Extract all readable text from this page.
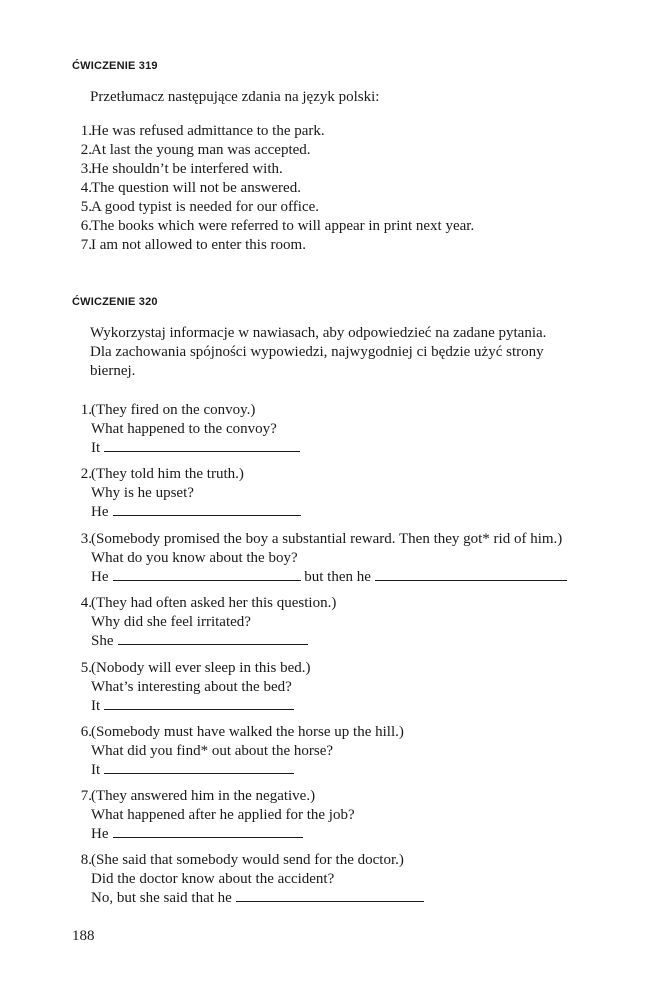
ĆWICZENIE 319
Przetłumacz następujące zdania na język polski:
1. He was refused admittance to the park.
2. At last the young man was accepted.
3. He shouldn’t be interfered with.
4. The question will not be answered.
5. A good typist is needed for our office.
6. The books which were referred to will appear in print next year.
7. I am not allowed to enter this room.
ĆWICZENIE 320
Wykorzystaj informacje w nawiasach, aby odpowiedzieć na zadane pytania.
Dla zachowania spójności wypowiedzi, najwygodniej ci będzie użyć strony
biernej.
1. (They fired on the convoy.)
What happened to the convoy?
It
2. (They told him the truth.)
Why is he upset?
He
3. (Somebody promised the boy a substantial reward. Then they got* rid of him.)
What do you know about the boy?
He	but then he
4. (They had often asked her this question.)
Why did she feel irritated?
She
5. (Nobody will ever sleep in this bed.)
What’s interesting about the bed?
It
6. (Somebody must have walked the horse up the hill.)
What did you find* out about the horse?
It
7. (They answered him in the negative.)
What happened after he applied for the job?
He
8. (She said that somebody would send for the doctor.)
Did the doctor know about the accident?
No, but she said that he
188
